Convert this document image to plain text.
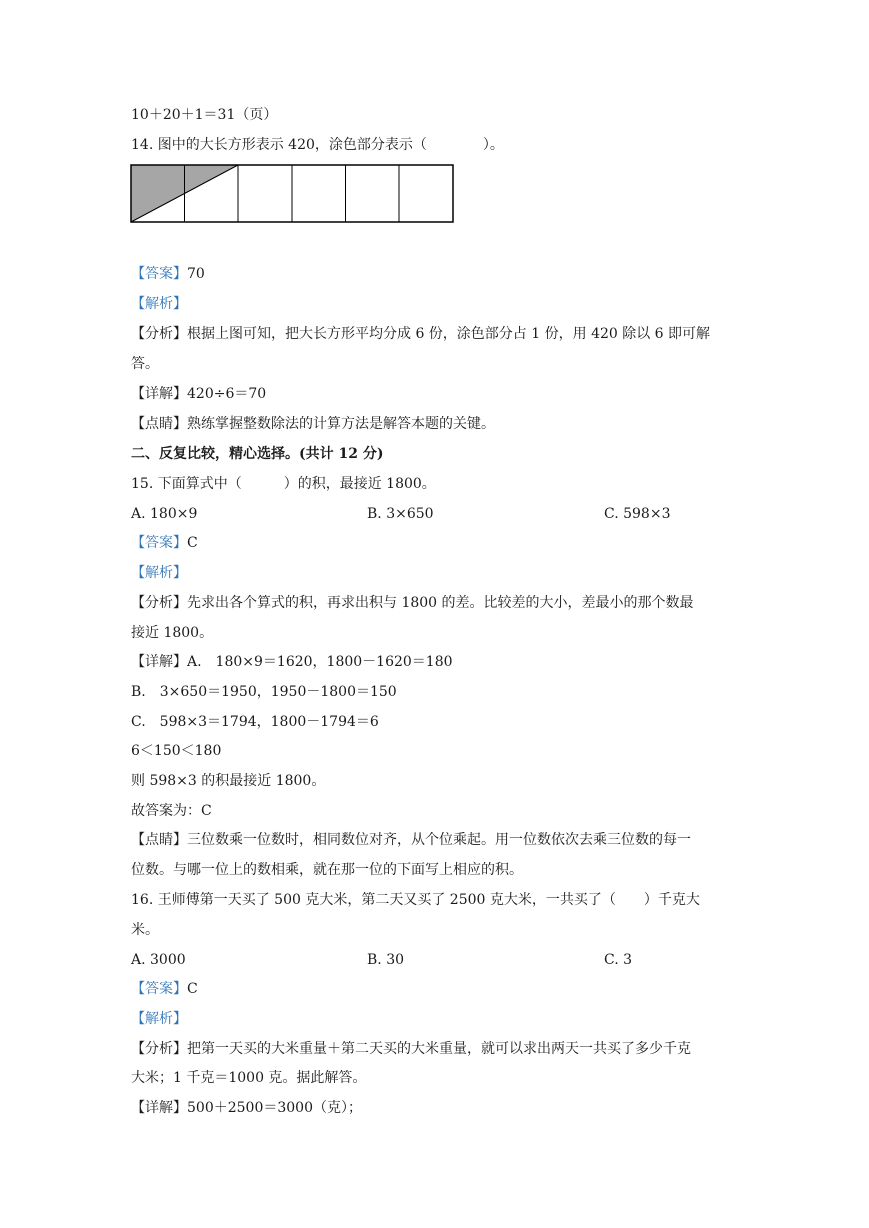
10＋20＋1＝31（页）
14. 图中的大长方形表示 420，涂色部分表示（　　　　）。
【答案】70
【解析】
【分析】根据上图可知，把大长方形平均分成 6 份，涂色部分占 1 份，用 420 除以 6 即可解
答。
【详解】420÷6＝70
【点睛】熟练掌握整数除法的计算方法是解答本题的关键。
二、反复比较，精心选择。(共计 12 分)
15. 下面算式中（　　　）的积，最接近 1800。
A. 180×9	B. 3×650	C. 598×3
【答案】C
【解析】
【分析】先求出各个算式的积，再求出积与 1800 的差。比较差的大小，差最小的那个数最
接近 1800。
【详解】A.　180×9＝1620，1800－1620＝180
B.　3×650＝1950，1950－1800＝150
C.　598×3＝1794，1800－1794＝6
6＜150＜180
则 598×3 的积最接近 1800。
故答案为：C
【点睛】三位数乘一位数时，相同数位对齐，从个位乘起。用一位数依次去乘三位数的每一
位数。与哪一位上的数相乘，就在那一位的下面写上相应的积。
16. 王师傅第一天买了 500 克大米，第二天又买了 2500 克大米，一共买了（　　）千克大
米。
A. 3000	B. 30	C. 3
【答案】C
【解析】
【分析】把第一天买的大米重量＋第二天买的大米重量，就可以求出两天一共买了多少千克
大米；1 千克＝1000 克。据此解答。
【详解】500＋2500＝3000（克）；
